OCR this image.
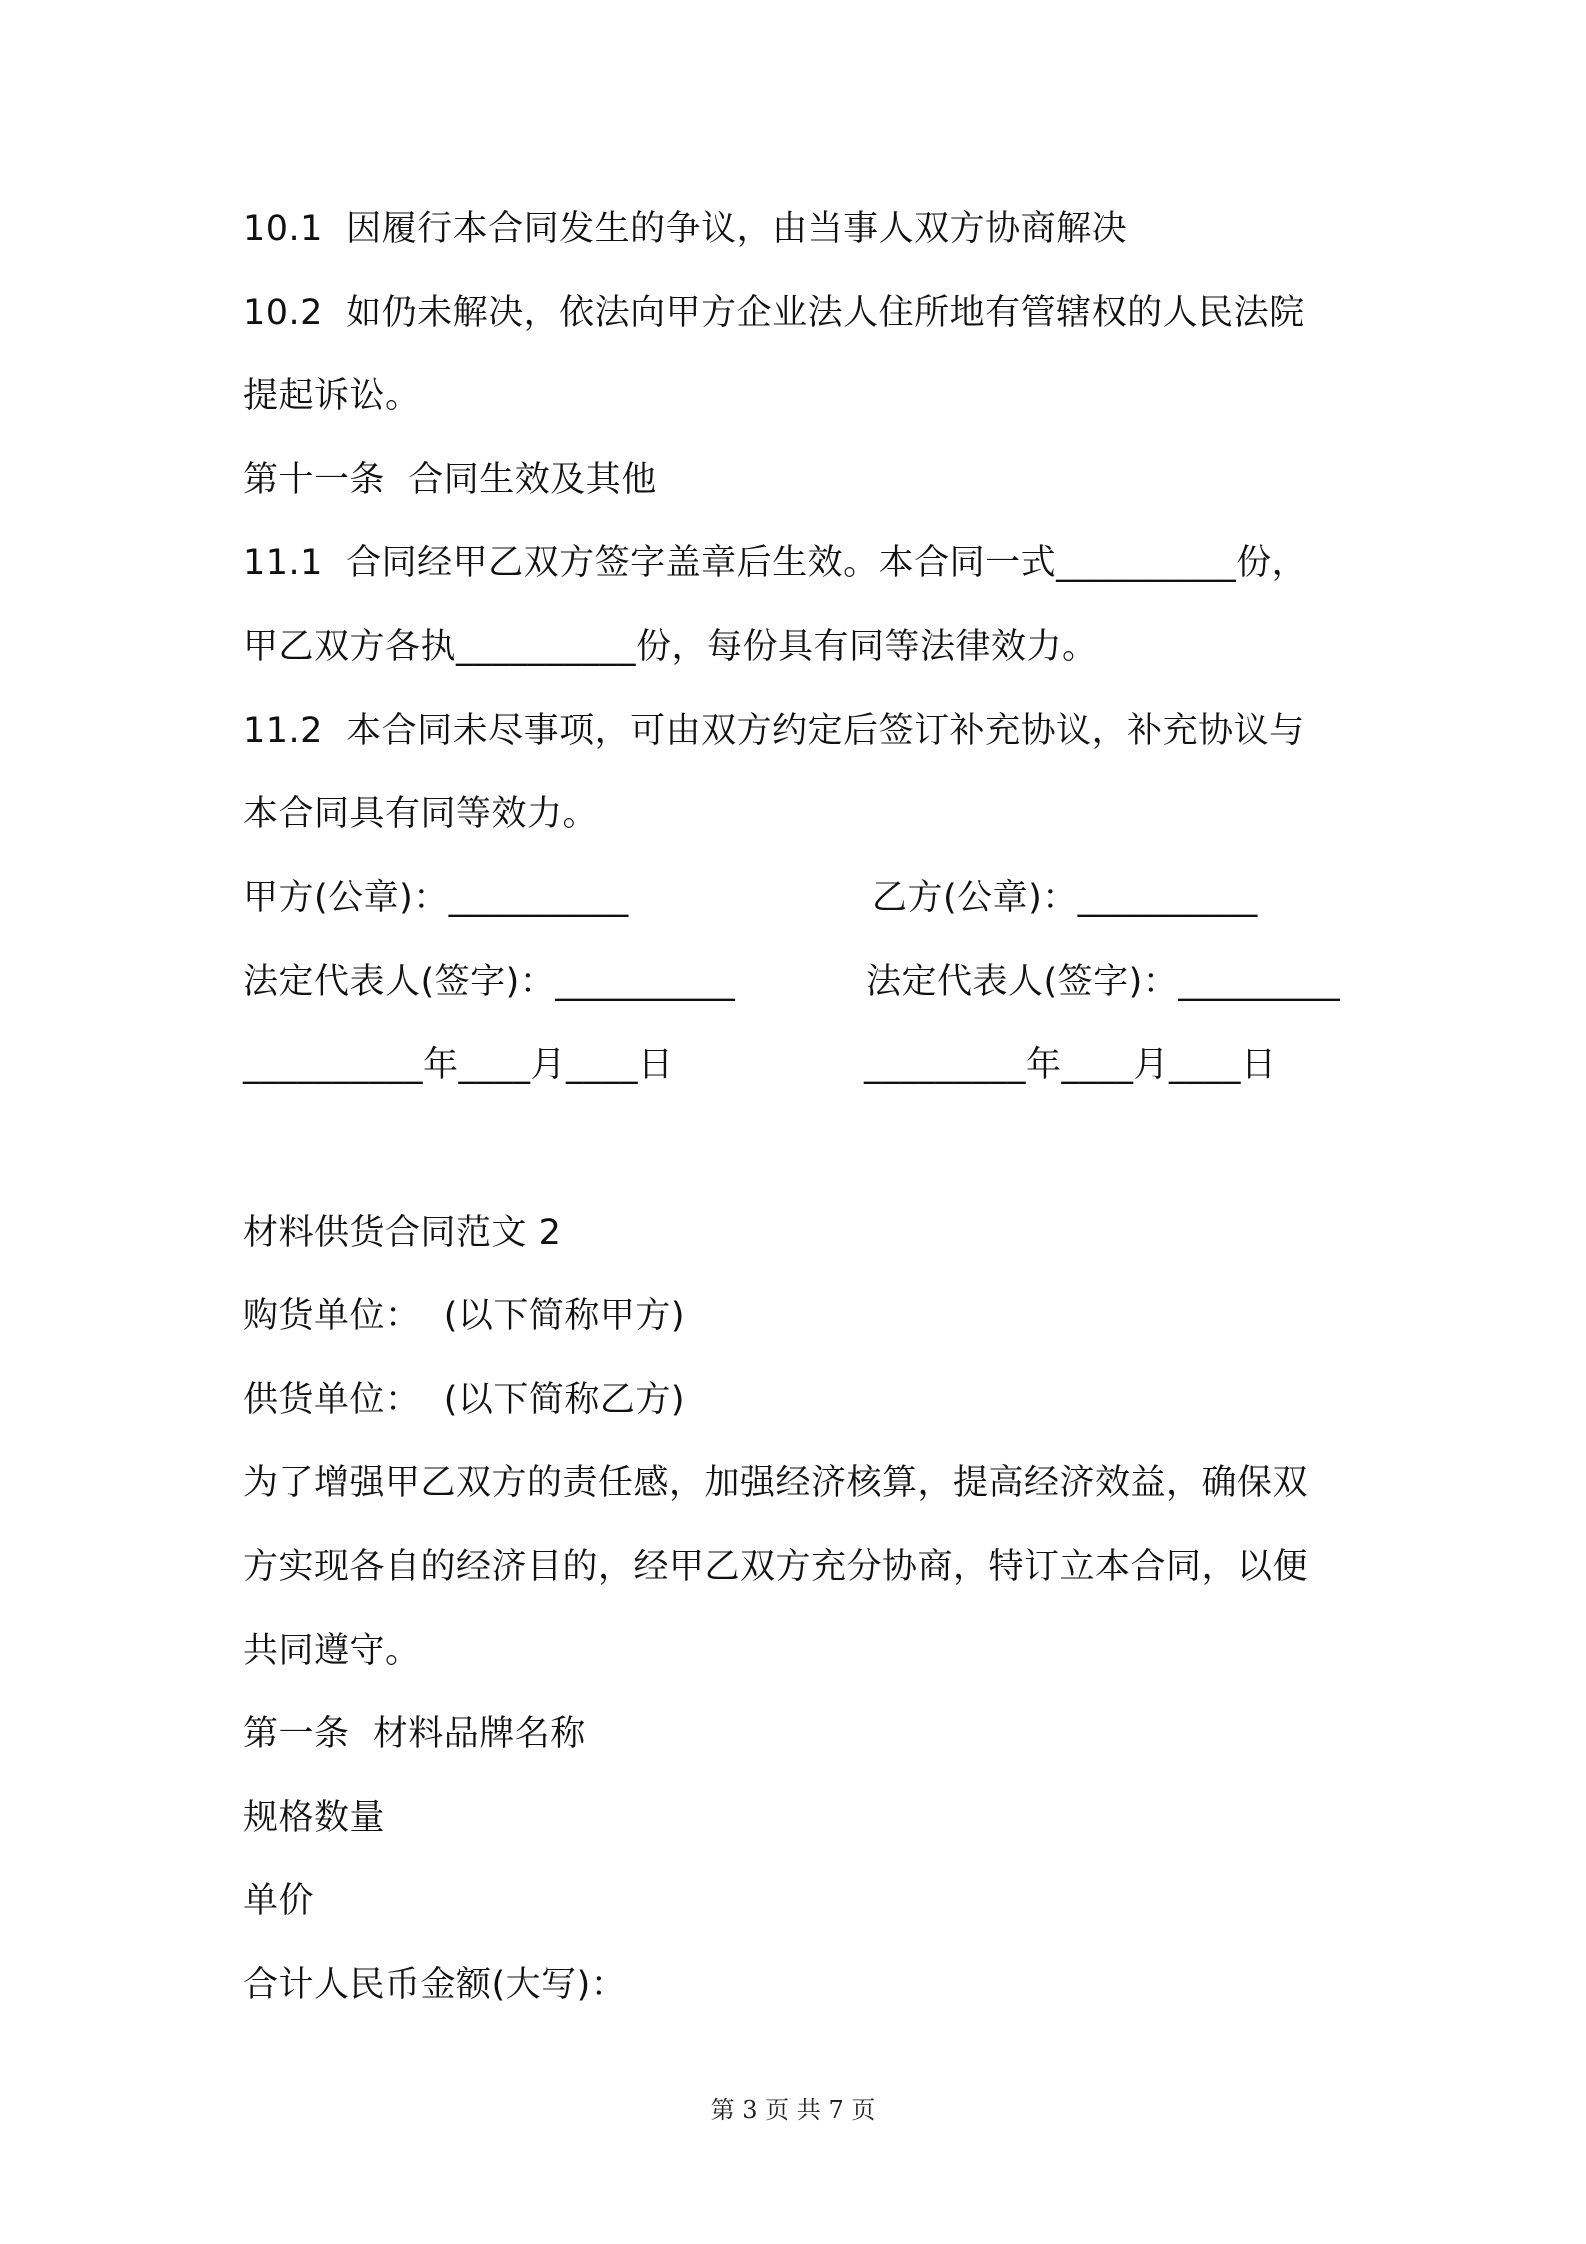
10.1  因履行本合同发生的争议，由当事人双方协商解决
10.2  如仍未解决，依法向甲方企业法人住所地有管辖权的人民法院
提起诉讼。
第十一条  合同生效及其他
11.1  合同经甲乙双方签字盖章后生效。本合同一式__________份，
甲乙双方各执__________份，每份具有同等法律效力。
11.2  本合同未尽事项，可由双方约定后签订补充协议，补充协议与
本合同具有同等效力。
甲方(公章)：__________	乙方(公章)：__________
法定代表人(签字)：__________	法定代表人(签字)：_________
__________年____月____日	_________年____月____日
材料供货合同范文 2
购货单位：  (以下简称甲方)
供货单位：  (以下简称乙方)
为了增强甲乙双方的责任感，加强经济核算，提高经济效益，确保双
方实现各自的经济目的，经甲乙双方充分协商，特订立本合同，以便
共同遵守。
第一条  材料品牌名称
规格数量
单价
合计人民币金额(大写)：
第 3 页 共 7 页
